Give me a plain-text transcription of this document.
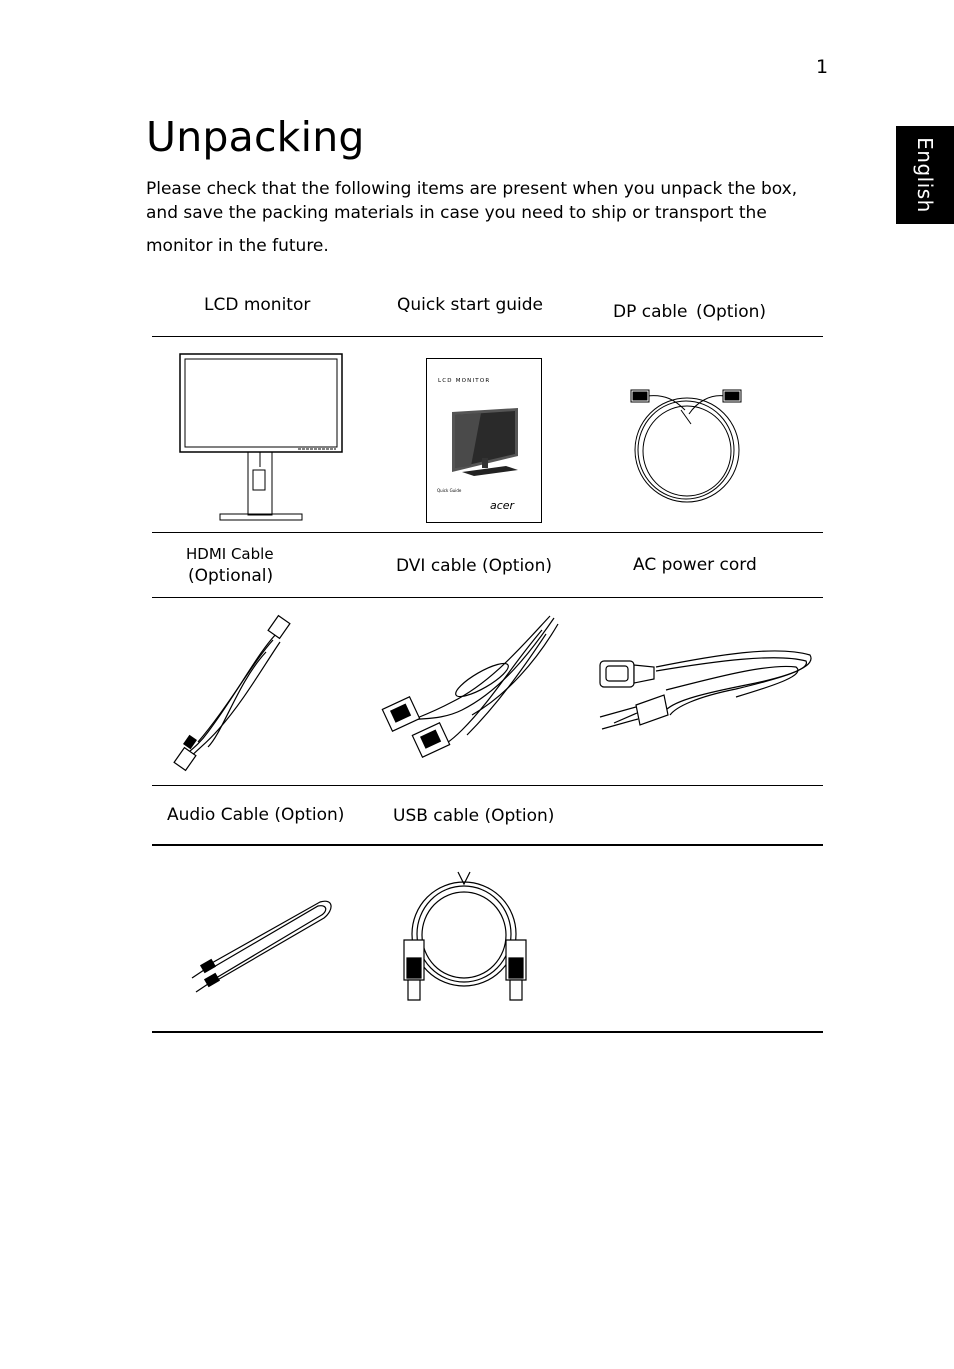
1
English
Unpacking

Please check that the following items are present when you unpack the box,

and save the packing materials in case you need to ship or transport the

monitor in the future.

LCD monitor	Quick start guide	DP cable (Option)
LCD MONITOR
Quick Guide
acer
HDMI Cable
(Optional)	DVI cable (Option)	AC power cord
Audio Cable (Option)	USB cable (Option)
